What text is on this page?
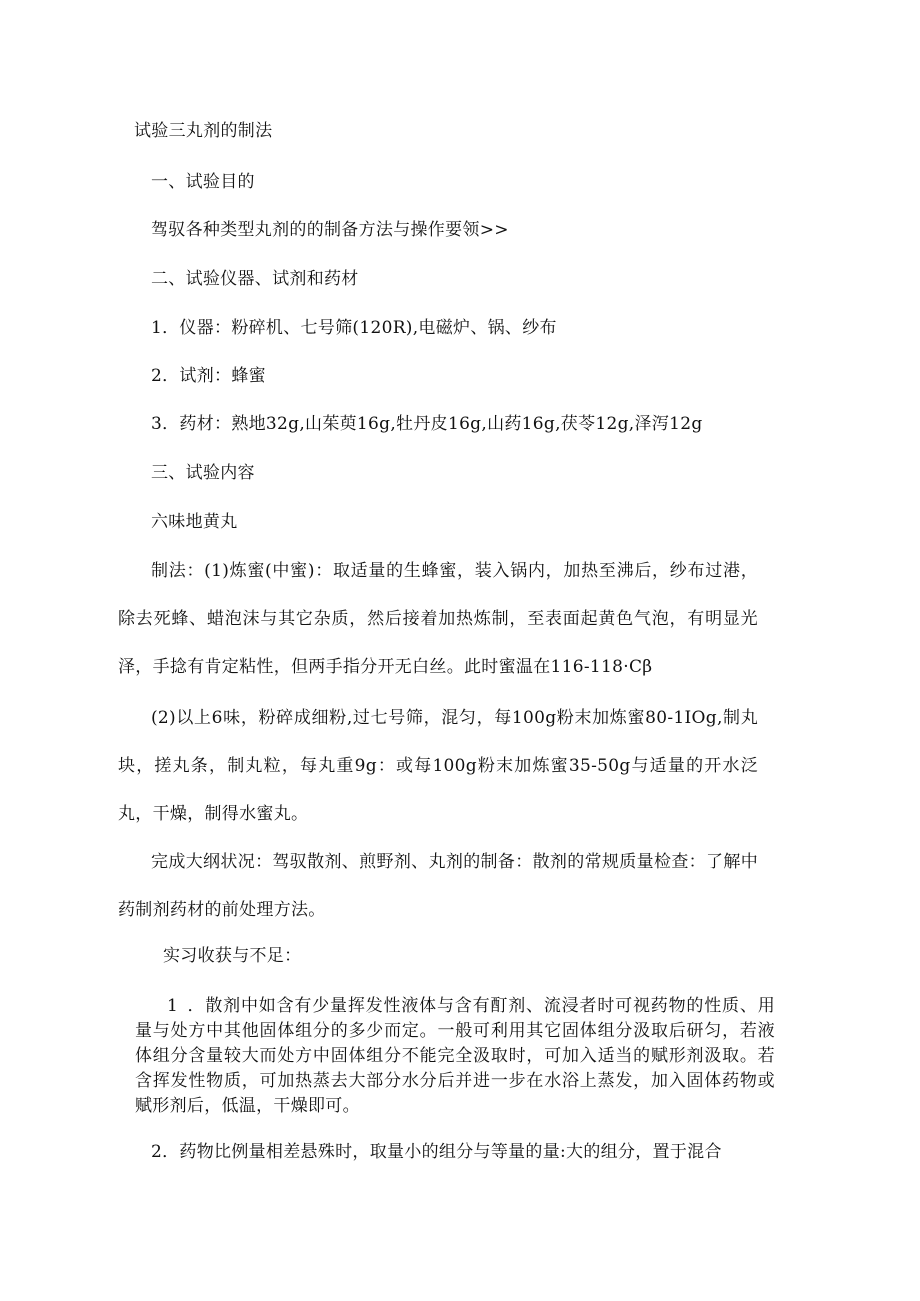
试验三丸剂的制法
一、试验目的
驾驭各种类型丸剂的的制备方法与操作要领>>
二、试验仪器、试剂和药材
1．仪器：粉碎机、七号筛(120R),电磁炉、锅、纱布
2．试剂：蜂蜜
3．药材：熟地32g,山茱萸16g,牡丹皮16g,山药16g,茯苓12g,泽泻12g
三、试验内容
六味地黄丸
制法：(1)炼蜜(中蜜)：取适量的生蜂蜜，装入锅内，加热至沸后，纱布过港，除去死蜂、蜡泡沫与其它杂质，然后接着加热炼制，至表面起黄色气泡，有明显光泽，手捻有肯定粘性，但两手指分开无白丝。此时蜜温在116-118·Cβ
(2)以上6味，粉碎成细粉,过七号筛，混匀，每100g粉末加炼蜜80-1IOg,制丸块，搓丸条，制丸粒，每丸重9g：或每100g粉末加炼蜜35-50g与适量的开水泛丸，干燥，制得水蜜丸。
完成大纲状况：驾驭散剂、煎野剂、丸剂的制备：散剂的常规质量检查：了解中药制剂药材的前处理方法。
实习收获与不足：
1 ．散剂中如含有少量挥发性液体与含有酊剂、流浸者时可视药物的性质、用量与处方中其他固体组分的多少而定。一般可利用其它固体组分汲取后研匀，若液体组分含量较大而处方中固体组分不能完全汲取时，可加入适当的赋形剂汲取。若含挥发性物质，可加热蒸去大部分水分后并进一步在水浴上蒸发，加入固体药物或赋形剂后，低温，干燥即可。
2．药物比例量相差悬殊时，取量小的组分与等量的量:大的组分，置于混合
